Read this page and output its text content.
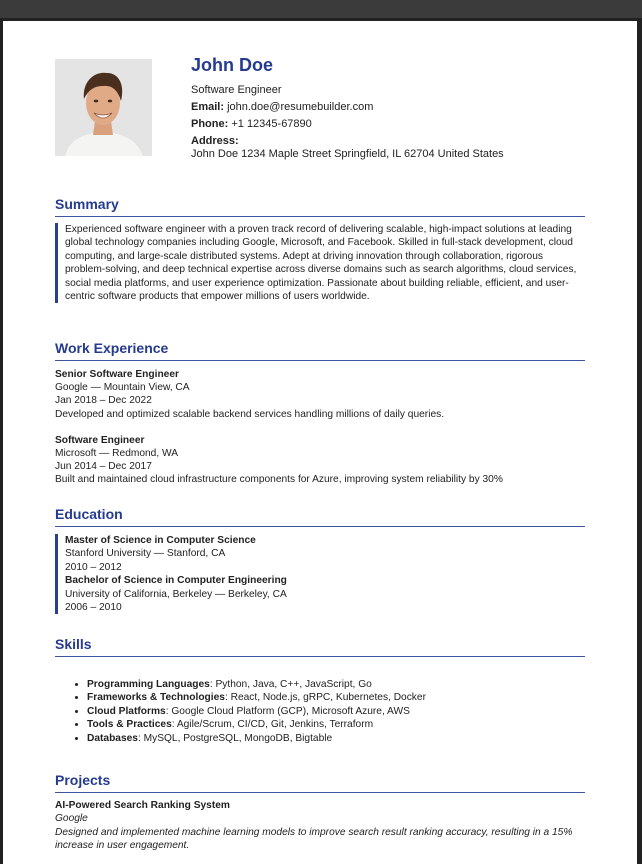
John Doe
Software Engineer
Email: john.doe@resumebuilder.com
Phone: +1 12345-67890
Address:
John Doe 1234 Maple Street Springfield, IL 62704 United States
Summary
Experienced software engineer with a proven track record of delivering scalable, high-impact solutions at leading global technology companies including Google, Microsoft, and Facebook. Skilled in full-stack development, cloud computing, and large-scale distributed systems. Adept at driving innovation through collaboration, rigorous problem-solving, and deep technical expertise across diverse domains such as search algorithms, cloud services, social media platforms, and user experience optimization. Passionate about building reliable, efficient, and user-centric software products that empower millions of users worldwide.
Work Experience
Senior Software Engineer
Google — Mountain View, CA
Jan 2018 – Dec 2022
Developed and optimized scalable backend services handling millions of daily queries.
Software Engineer
Microsoft — Redmond, WA
Jun 2014 – Dec 2017
Built and maintained cloud infrastructure components for Azure, improving system reliability by 30%
Education
Master of Science in Computer Science
Stanford University — Stanford, CA
2010 – 2012
Bachelor of Science in Computer Engineering
University of California, Berkeley — Berkeley, CA
2006 – 2010
Skills
• Programming Languages: Python, Java, C++, JavaScript, Go
• Frameworks & Technologies: React, Node.js, gRPC, Kubernetes, Docker
• Cloud Platforms: Google Cloud Platform (GCP), Microsoft Azure, AWS
• Tools & Practices: Agile/Scrum, CI/CD, Git, Jenkins, Terraform
• Databases: MySQL, PostgreSQL, MongoDB, Bigtable
Projects
AI-Powered Search Ranking System
Google
Designed and implemented machine learning models to improve search result ranking accuracy, resulting in a 15% increase in user engagement.
